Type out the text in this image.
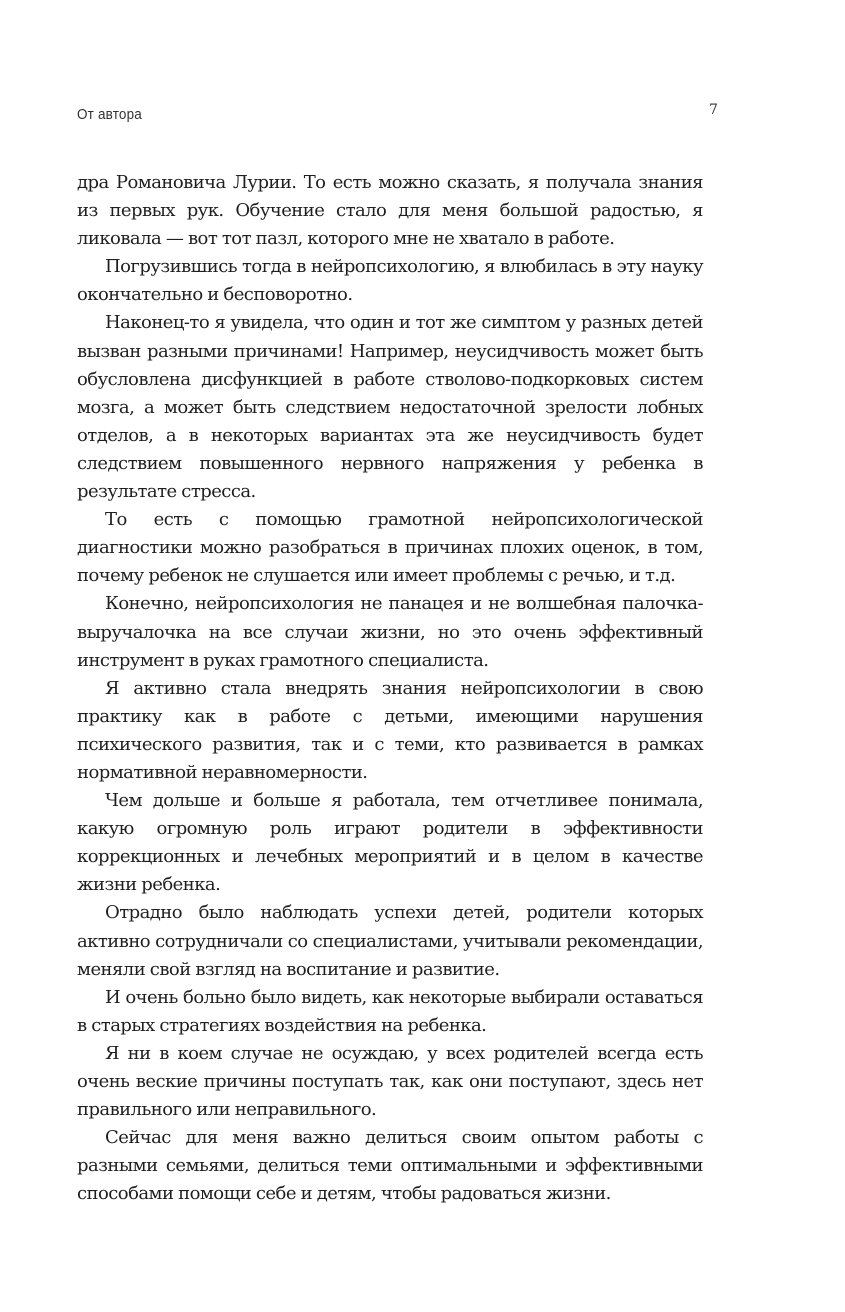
От автора	7

дра Романовича Лурии. То есть можно сказать, я получала знания из первых рук. Обучение стало для меня большой радостью, я ликовала — вот тот пазл, которого мне не хватало в работе.

Погрузившись тогда в нейропсихологию, я влюбилась в эту науку окончательно и бесповоротно.

Наконец-то я увидела, что один и тот же симптом у разных детей вызван разными причинами! Например, неусидчивость может быть обусловлена дисфункцией в работе стволово-подкорковых систем мозга, а может быть следствием недостаточной зрелости лобных отделов, а в некоторых вариантах эта же неусидчивость будет следствием повышенного нервного напряжения у ребенка в результате стресса.

То есть с помощью грамотной нейропсихологической диагностики можно разобраться в причинах плохих оценок, в том, почему ребенок не слушается или имеет проблемы с речью, и т.д.

Конечно, нейропсихология не панацея и не волшебная палочка-выручалочка на все случаи жизни, но это очень эффективный инструмент в руках грамотного специалиста.

Я активно стала внедрять знания нейропсихологии в свою практику как в работе с детьми, имеющими нарушения психического развития, так и с теми, кто развивается в рамках нормативной неравномерности.

Чем дольше и больше я работала, тем отчетливее понимала, какую огромную роль играют родители в эффективности коррекционных и лечебных мероприятий и в целом в качестве жизни ребенка.

Отрадно было наблюдать успехи детей, родители которых активно сотрудничали со специалистами, учитывали рекомендации, меняли свой взгляд на воспитание и развитие.

И очень больно было видеть, как некоторые выбирали оставаться в старых стратегиях воздействия на ребенка.

Я ни в коем случае не осуждаю, у всех родителей всегда есть очень веские причины поступать так, как они поступают, здесь нет правильного или неправильного.

Сейчас для меня важно делиться своим опытом работы с разными семьями, делиться теми оптимальными и эффективными способами помощи себе и детям, чтобы радоваться жизни.
